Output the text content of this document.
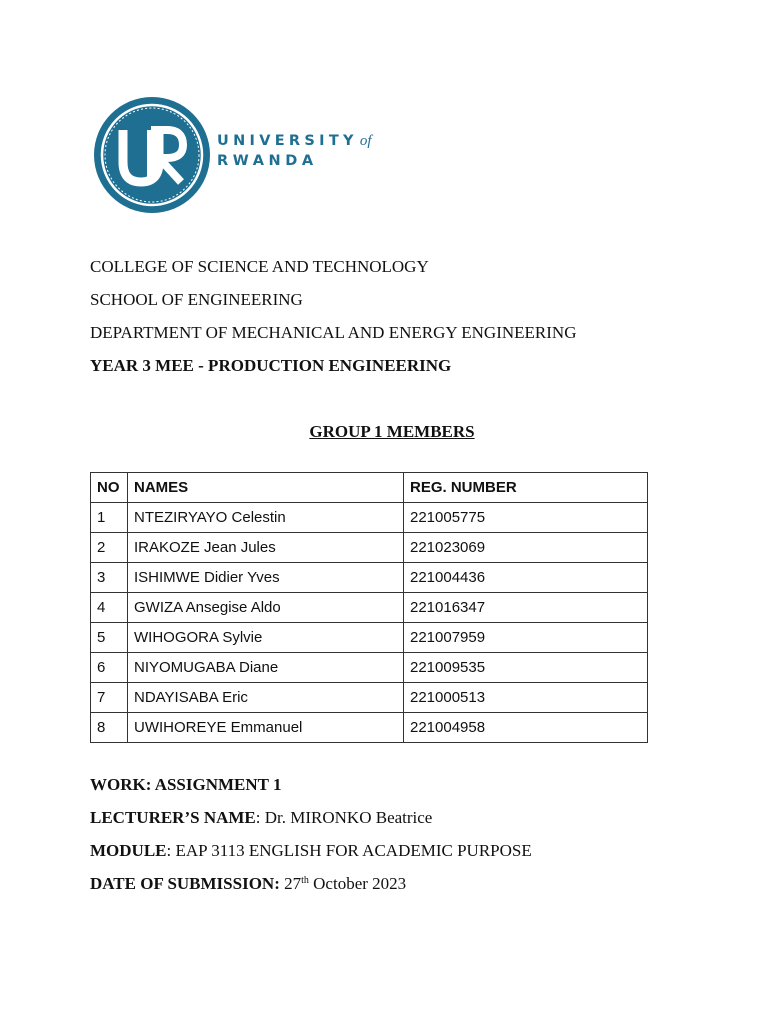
UNIVERSITY of
RWANDA
COLLEGE OF SCIENCE AND TECHNOLOGY
SCHOOL OF ENGINEERING
DEPARTMENT OF MECHANICAL AND ENERGY ENGINEERING
YEAR 3 MEE - PRODUCTION ENGINEERING
GROUP 1 MEMBERS
NO	NAMES	REG. NUMBER
1	NTEZIRYAYO Celestin	221005775
2	IRAKOZE Jean Jules	221023069
3	ISHIMWE Didier Yves	221004436
4	GWIZA Ansegise Aldo	221016347
5	WIHOGORA Sylvie	221007959
6	NIYOMUGABA Diane	221009535
7	NDAYISABA Eric	221000513
8	UWIHOREYE Emmanuel	221004958
WORK: ASSIGNMENT 1
LECTURER’S NAME: Dr. MIRONKO Beatrice
MODULE: EAP 3113 ENGLISH FOR ACADEMIC PURPOSE
DATE OF SUBMISSION: 27th October 2023
